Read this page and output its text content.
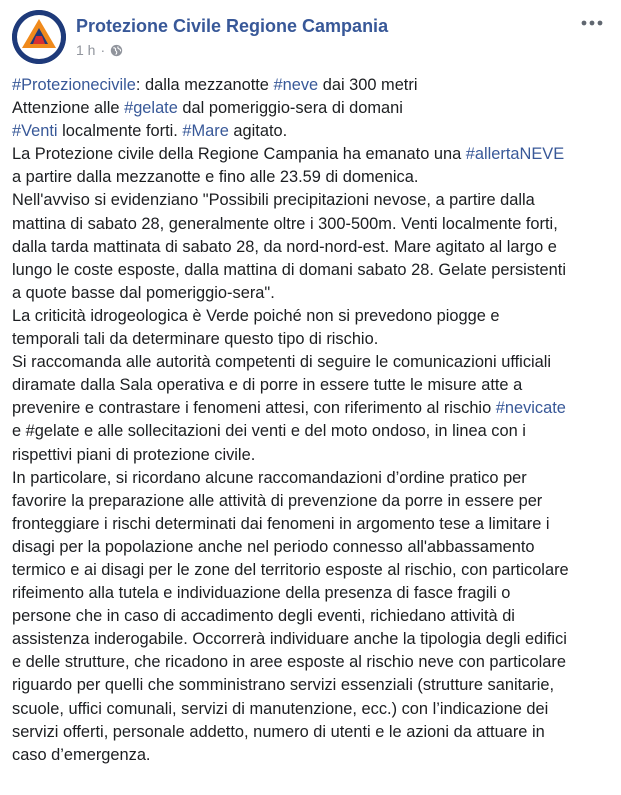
Protezione Civile Regione Campania
1 h ·
#Protezionecivile: dalla mezzanotte #neve dai 300 metri
Attenzione alle #gelate dal pomeriggio-sera di domani
#Venti localmente forti. #Mare agitato.
La Protezione civile della Regione Campania ha emanato una #allertaNEVE
a partire dalla mezzanotte e fino alle 23.59 di domenica.
Nell'avviso si evidenziano "Possibili precipitazioni nevose, a partire dalla
mattina di sabato 28, generalmente oltre i 300-500m. Venti localmente forti,
dalla tarda mattinata di sabato 28, da nord-nord-est. Mare agitato al largo e
lungo le coste esposte, dalla mattina di domani sabato 28. Gelate persistenti
a quote basse dal pomeriggio-sera".
La criticità idrogeologica è Verde poiché non si prevedono piogge e
temporali tali da determinare questo tipo di rischio.
Si raccomanda alle autorità competenti di seguire le comunicazioni ufficiali
diramate dalla Sala operativa e di porre in essere tutte le misure atte a
prevenire e contrastare i fenomeni attesi, con riferimento al rischio #nevicate
e #gelate e alle sollecitazioni dei venti e del moto ondoso, in linea con i
rispettivi piani di protezione civile.
In particolare, si ricordano alcune raccomandazioni d’ordine pratico per
favorire la preparazione alle attività di prevenzione da porre in essere per
fronteggiare i rischi determinati dai fenomeni in argomento tese a limitare i
disagi per la popolazione anche nel periodo connesso all'abbassamento
termico e ai disagi per le zone del territorio esposte al rischio, con particolare
rifeimento alla tutela e individuazione della presenza di fasce fragili o
persone che in caso di accadimento degli eventi, richiedano attività di
assistenza inderogabile. Occorrerà individuare anche la tipologia degli edifici
e delle strutture, che ricadono in aree esposte al rischio neve con particolare
riguardo per quelli che somministrano servizi essenziali (strutture sanitarie,
scuole, uffici comunali, servizi di manutenzione, ecc.) con l’indicazione dei
servizi offerti, personale addetto, numero di utenti e le azioni da attuare in
caso d’emergenza.
